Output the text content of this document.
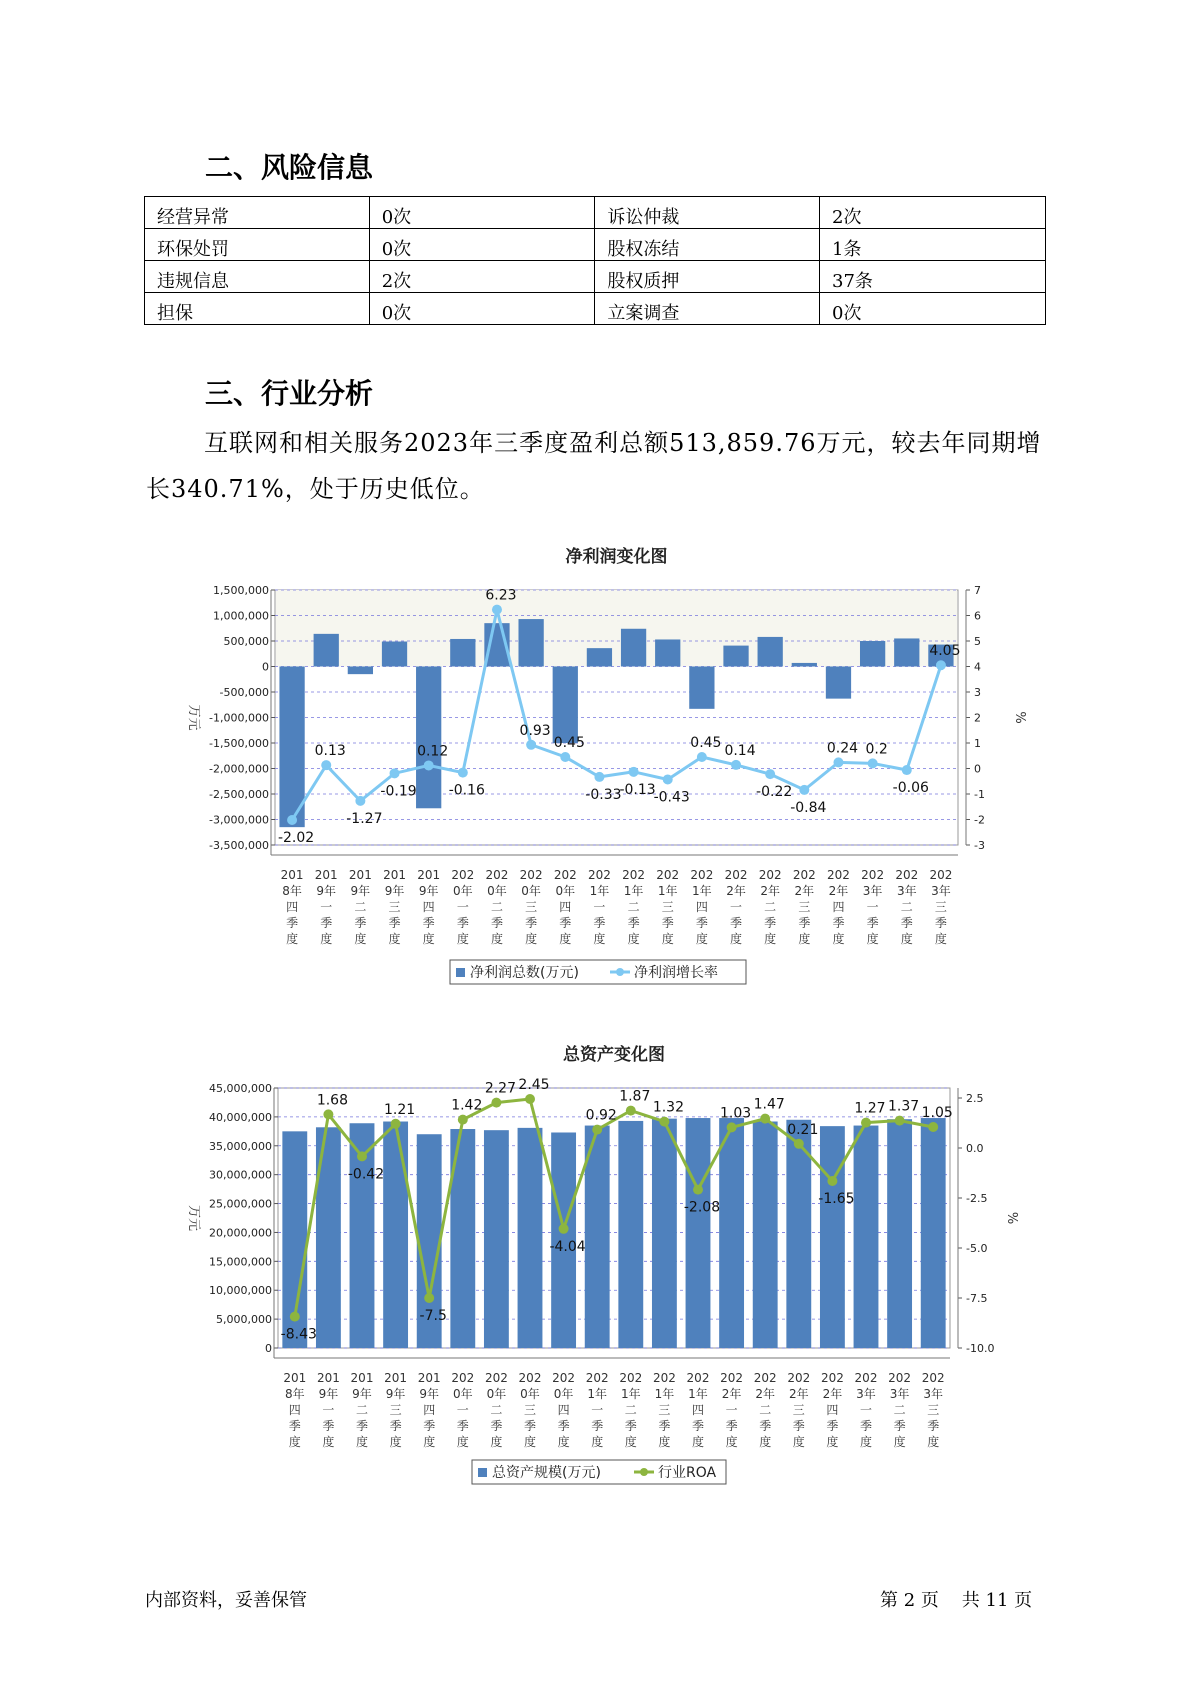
二、风险信息
经营异常	0次	诉讼仲裁	2次
环保处罚	0次	股权冻结	1条
违规信息	2次	股权质押	37条
担保	0次	立案调查	0次
三、行业分析
互联网和相关服务2023年三季度盈利总额513,859.76万元，较去年同期增长340.71%，处于历史低位。
净利润变化图
1,500,000
1,000,000
500,000
0
-500,000
-1,000,000
-1,500,000
-2,000,000
-2,500,000
-3,000,000
-3,500,000
7
6
5
4
3
2
1
0
-1
-2
-3
万元	%
201 8年四季度
201 9年一季度
201 9年二季度
201 9年三季度
201 9年四季度
202 0年一季度
202 0年二季度
202 0年三季度
202 0年四季度
202 1年一季度
202 1年二季度
202 1年三季度
202 1年四季度
202 2年一季度
202 2年二季度
202 2年三季度
202 2年四季度
202 3年一季度
202 3年二季度
202 3年三季度
-2.02
0.13
-1.27
-0.19
0.12
-0.16
6.23
0.93
0.45
-0.33
-0.13
-0.43
0.45 0.14
-0.22
-0.84
0.24 0.2
-0.06
4.05
净利润总数(万元)	净利润增长率
总资产变化图
45,000,000
40,000,000
35,000,000
30,000,000
25,000,000
20,000,000
15,000,000
10,000,000
5,000,000
0
2.5
0.0
-2.5
-5.0
-7.5
-10.0
万元	%
201 8年四季度
201 9年一季度
201 9年二季度
201 9年三季度
201 9年四季度
202 0年一季度
202 0年二季度
202 0年三季度
202 0年四季度
202 1年一季度
202 1年二季度
202 1年三季度
202 1年四季度
202 2年一季度
202 2年二季度
202 2年三季度
202 2年四季度
202 3年一季度
202 3年二季度
202 3年三季度
-8.43
1.68
-0.42
1.21
-7.5
1.42
2.27 2.45
-4.04
0.92
1.87
1.32
-2.08
1.03
1.47
0.21
-1.65
1.27 1.37 1.05
总资产规模(万元)	行业ROA
内部资料，妥善保管	第 2 页    共 11 页
